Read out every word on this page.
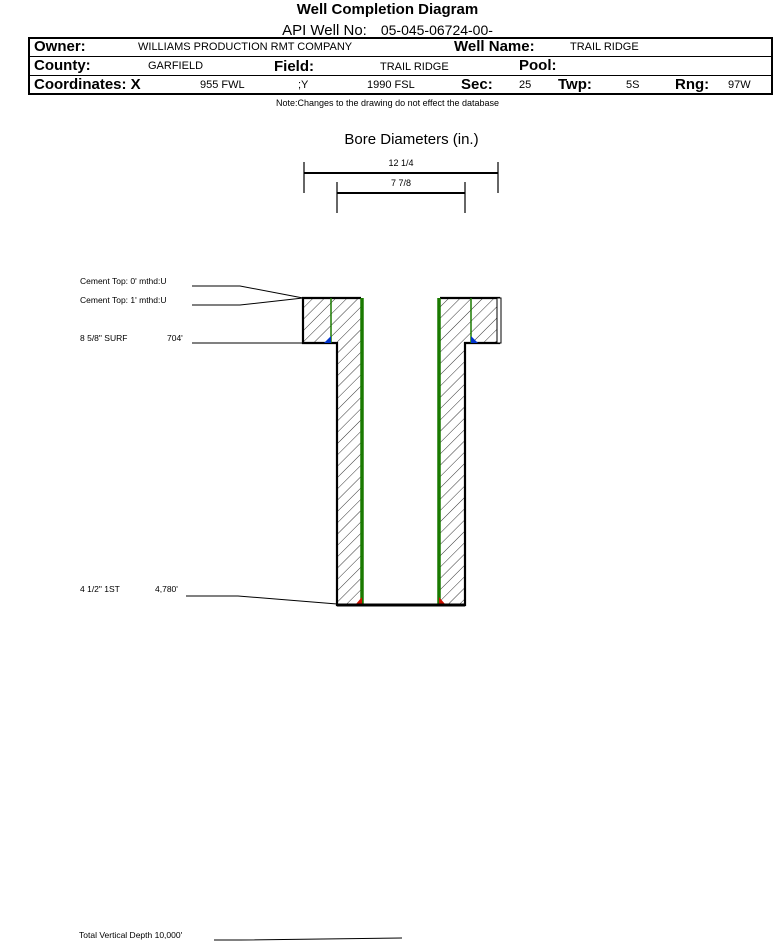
Well Completion Diagram
API Well No: 05-045-06724-00-
Owner:	WILLIAMS PRODUCTION RMT COMPANY	Well Name:	TRAIL RIDGE
County:	GARFIELD	Field:	TRAIL RIDGE	Pool:
Coordinates: X	955 FWL	;Y	1990 FSL	Sec: 25 Twp:	5S Rng: 97W
Note:Changes to the drawing do not effect the database
Bore Diameters (in.)
12 1/4
7 7/8
Cement Top: 0' mthd:U
Cement Top: 1' mthd:U
8 5/8" SURF	704'
4 1/2" 1ST	4,780'
Total Vertical Depth 10,000'
